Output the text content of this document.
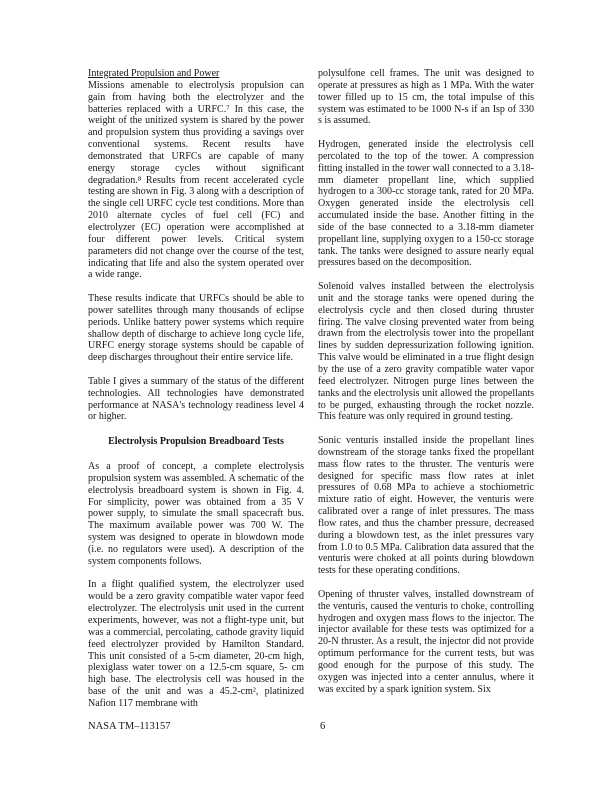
Integrated Propulsion and Power

Missions amenable to electrolysis propulsion can gain from having both the electrolyzer and the batteries replaced with a URFC.⁷ In this case, the weight of the unitized system is shared by the power and propulsion system thus providing a savings over conventional systems. Recent results have demonstrated that URFCs are capable of many energy storage cycles without significant degradation.⁸ Results from recent accelerated cycle testing are shown in Fig. 3 along with a description of the single cell URFC cycle test conditions. More than 2010 alternate cycles of fuel cell (FC) and electrolyzer (EC) operation were accomplished at four different power levels. Critical system parameters did not change over the course of the test, indicating that life and also the system operated over a wide range.

These results indicate that URFCs should be able to power satellites through many thousands of eclipse periods. Unlike battery power systems which require shallow depth of discharge to achieve long cycle life, URFC energy storage systems should be capable of deep discharges throughout their entire service life.

Table I gives a summary of the status of the different technologies. All technologies have demonstrated performance at NASA's technology readiness level 4 or higher.

Electrolysis Propulsion Breadboard Tests

As a proof of concept, a complete electrolysis propulsion system was assembled. A schematic of the electrolysis breadboard system is shown in Fig. 4. For simplicity, power was obtained from a 35 V power supply, to simulate the small spacecraft bus. The maximum available power was 700 W. The system was designed to operate in blowdown mode (i.e. no regulators were used). A description of the system components follows.

In a flight qualified system, the electrolyzer used would be a zero gravity compatible water vapor feed electrolyzer. The electrolysis unit used in the current experiments, however, was not a flight-type unit, but was a commercial, percolating, cathode gravity liquid feed electrolyzer provided by Hamilton Standard. This unit consisted of a 5-cm diameter, 20-cm high, plexiglass water tower on a 12.5-cm square, 5- cm high base. The electrolysis cell was housed in the base of the unit and was a 45.2-cm², platinized Nafion 117 membrane with

polysulfone cell frames. The unit was designed to operate at pressures as high as 1 MPa. With the water tower filled up to 15 cm, the total impulse of this system was estimated to be 1000 N-s if an Isp of 330 s is assumed.

Hydrogen, generated inside the electrolysis cell percolated to the top of the tower. A compression fitting installed in the tower wall connected to a 3.18-mm diameter propellant line, which supplied hydrogen to a 300-cc storage tank, rated for 20 MPa. Oxygen generated inside the electrolysis cell accumulated inside the base. Another fitting in the side of the base connected to a 3.18-mm diameter propellant line, supplying oxygen to a 150-cc storage tank. The tanks were designed to assure nearly equal pressures based on the decomposition.

Solenoid valves installed between the electrolysis unit and the storage tanks were opened during the electrolysis cycle and then closed during thruster firing. The valve closing prevented water from being drawn from the electrolysis tower into the propellant lines by sudden depressurization following ignition. This valve would be eliminated in a true flight design by the use of a zero gravity compatible water vapor feed electrolyzer. Nitrogen purge lines between the tanks and the electrolysis unit allowed the propellants to be purged, exhausting through the rocket nozzle. This feature was only required in ground testing.

Sonic venturis installed inside the propellant lines downstream of the storage tanks fixed the propellant mass flow rates to the thruster. The venturis were designed for specific mass flow rates at inlet pressures of 0.68 MPa to achieve a stochiometric mixture ratio of eight. However, the venturis were calibrated over a range of inlet pressures. The mass flow rates, and thus the chamber pressure, decreased during a blowdown test, as the inlet pressures vary from 1.0 to 0.5 MPa. Calibration data assured that the venturis were choked at all points during blowdown tests for these operating conditions.

Opening of thruster valves, installed downstream of the venturis, caused the venturis to choke, controlling hydrogen and oxygen mass flows to the injector. The injector available for these tests was optimized for a 20-N thruster. As a result, the injector did not provide optimum performance for the current tests, but was good enough for the purpose of this study. The oxygen was injected into a center annulus, where it was excited by a spark ignition system. Six

NASA TM–113157	6
